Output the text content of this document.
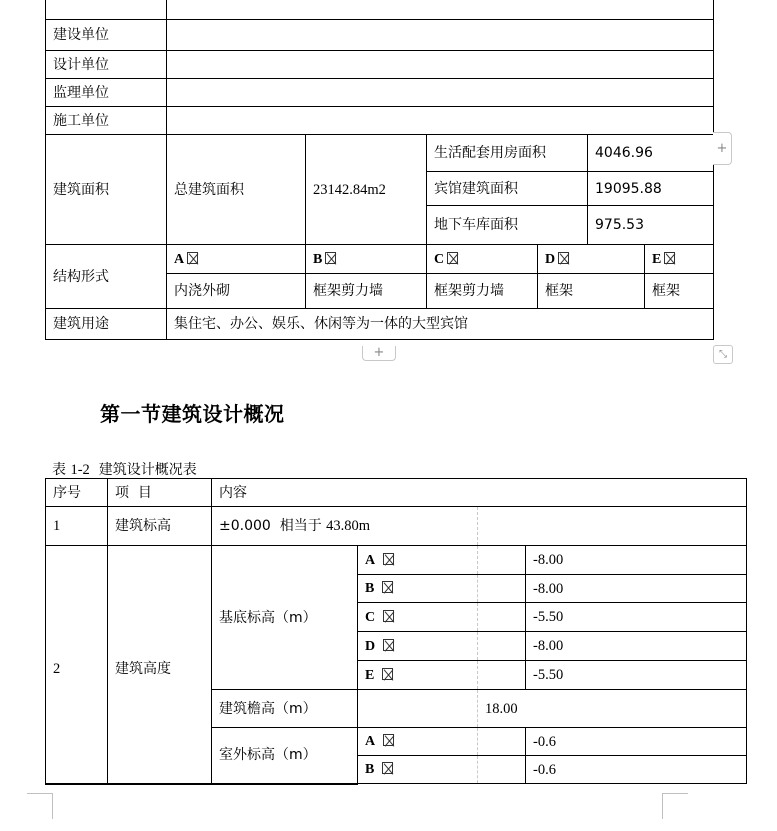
建设单位						
设计单位						
监理单位						
施工单位						
建筑面积	总建筑面积	23142.84m2	生活配套用房面积		4046.96	
			宾馆建筑面积		19095.88	
			地下车库面积		975.53	
结构形式	A	B	C	D		E
	内浇外砌	框架剪力墙	框架剪力墙	框架		框架
建筑用途	集住宅、办公、娱乐、休闲等为一体的大型宾馆					
+
+	⤡
第一节建筑设计概况
表 1-2 建筑设计概况表
序号	项  目	内容			
1	建筑标高	±0.000 相当于 43.80m			
2	建筑高度	基底标高（m）	A		-8.00
			B		-8.00
			C		-5.50
			D		-8.00
			E		-5.50
		建筑檐高（m）		18.00	
		室外标高（m）	A		-0.6
			B		-0.6
